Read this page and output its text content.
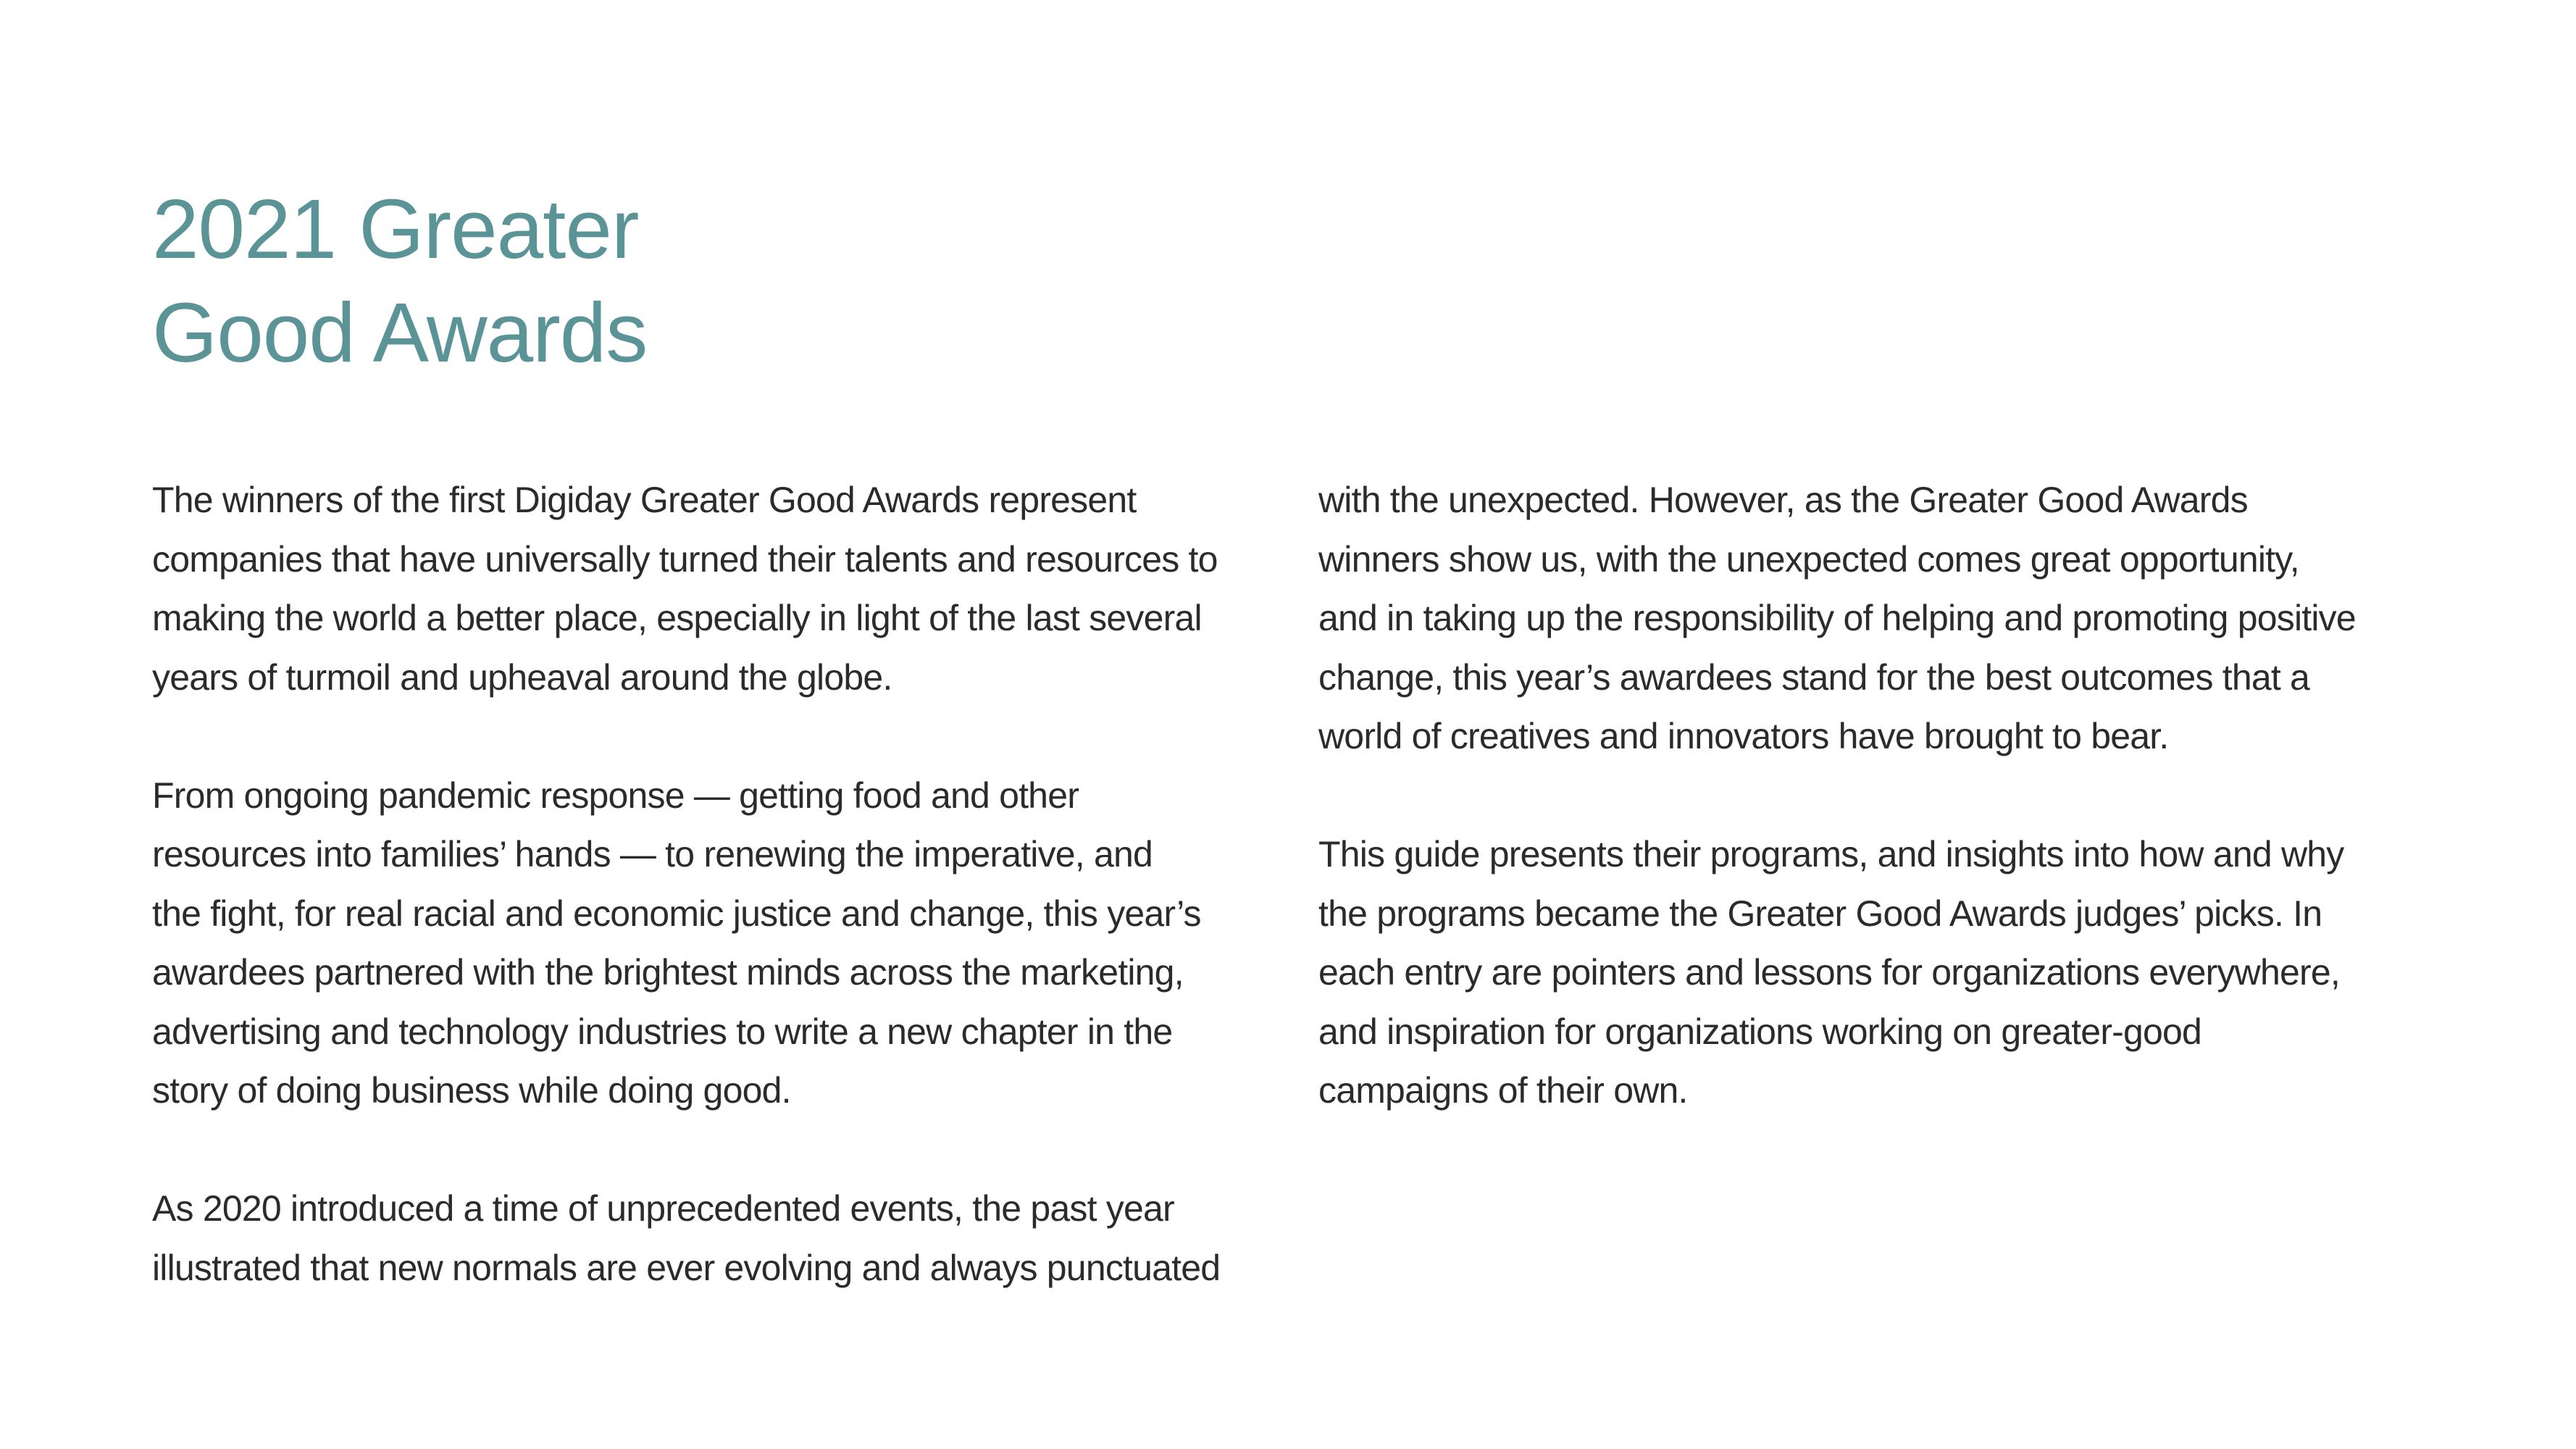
2021 Greater
Good Awards

The winners of the first Digiday Greater Good Awards represent
companies that have universally turned their talents and resources to
making the world a better place, especially in light of the last several
years of turmoil and upheaval around the globe.

From ongoing pandemic response — getting food and other
resources into families’ hands — to renewing the imperative, and
the fight, for real racial and economic justice and change, this year’s
awardees partnered with the brightest minds across the marketing,
advertising and technology industries to write a new chapter in the
story of doing business while doing good.

As 2020 introduced a time of unprecedented events, the past year
illustrated that new normals are ever evolving and always punctuated

with the unexpected. However, as the Greater Good Awards
winners show us, with the unexpected comes great opportunity,
and in taking up the responsibility of helping and promoting positive
change, this year’s awardees stand for the best outcomes that a
world of creatives and innovators have brought to bear.

This guide presents their programs, and insights into how and why
the programs became the Greater Good Awards judges’ picks. In
each entry are pointers and lessons for organizations everywhere,
and inspiration for organizations working on greater-good
campaigns of their own.
